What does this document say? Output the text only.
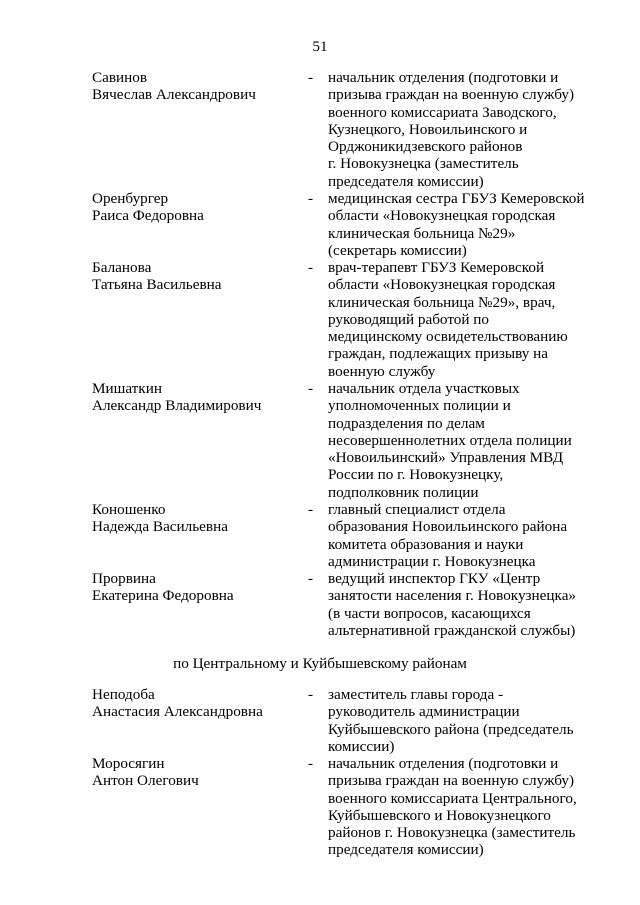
51
Савинов
Вячеслав Александрович
- начальник отделения (подготовки и
призыва граждан на военную службу)
военного комиссариата Заводского,
Кузнецкого, Новоильинского и
Орджоникидзевского районов
г. Новокузнецка (заместитель
председателя комиссии)
Оренбургер
Раиса Федоровна
- медицинская сестра ГБУЗ Кемеровской
области «Новокузнецкая городская
клиническая больница №29»
(секретарь комиссии)
Баланова
Татьяна Васильевна
- врач-терапевт ГБУЗ Кемеровской
области «Новокузнецкая городская
клиническая больница №29», врач,
руководящий работой по
медицинскому освидетельствованию
граждан, подлежащих призыву на
военную службу
Мишаткин
Александр Владимирович
- начальник отдела участковых
уполномоченных полиции и
подразделения по делам
несовершеннолетних отдела полиции
«Новоильинский» Управления МВД
России по г. Новокузнецку,
подполковник полиции
Коношенко
Надежда Васильевна
- главный специалист отдела
образования Новоильинского района
комитета образования и науки
администрации г. Новокузнецка
Прорвина
Екатерина Федоровна
- ведущий инспектор ГКУ «Центр
занятости населения г. Новокузнецка»
(в части вопросов, касающихся
альтернативной гражданской службы)
по Центральному и Куйбышевскому районам
Неподоба
Анастасия Александровна
- заместитель главы города -
руководитель администрации
Куйбышевского района (председатель
комиссии)
Моросягин
Антон Олегович
- начальник отделения (подготовки и
призыва граждан на военную службу)
военного комиссариата Центрального,
Куйбышевского и Новокузнецкого
районов г. Новокузнецка (заместитель
председателя комиссии)
